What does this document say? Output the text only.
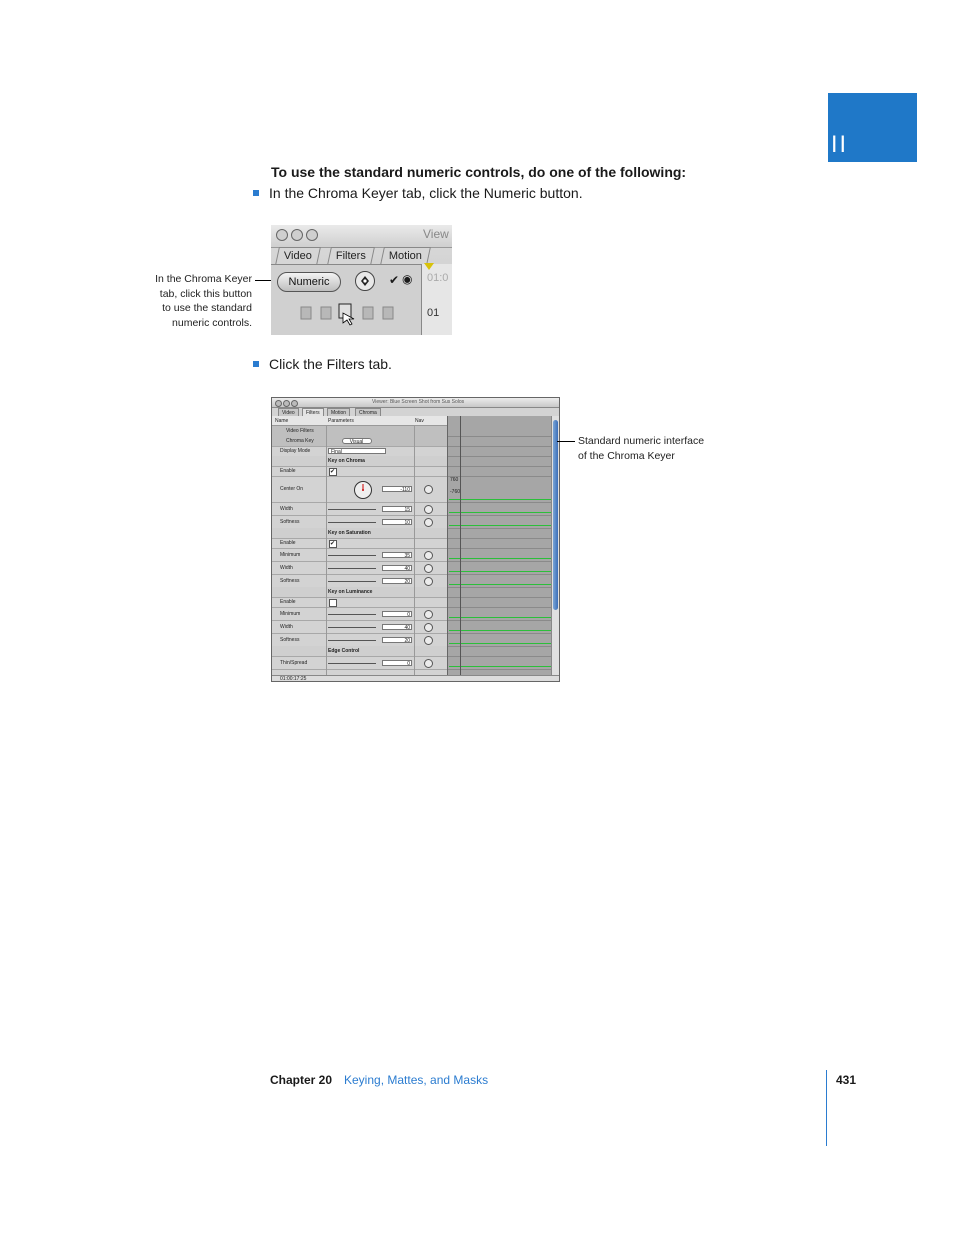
II
To use the standard numeric controls, do one of the following:
In the Chroma Keyer tab, click the Numeric button.
In the Chroma Keyer
tab, click this button
to use the standard
numeric controls.
View
Video	Filters	Motion
Numeric	✔ ◉ 01:0
01
Click the Filters tab.
Viewer: Blue Screen Shot from Sus Solos
Video	Filters	Motion	Chroma
Name	Parameters	Nav
Video Filters
Chroma Key	Visual
Display Mode	Final
Key on Chroma
Enable	✔
Center On	-110
Width	15
Softness	10
Key on Saturation
Enable	✔
Minimum	35
Width	40
Softness	20
Key on Luminance
Enable
Minimum	0
Width	40
Softness	20
Edge Control
Thin/Spread	0
760
-760
01:00:17:25
Standard numeric interface
of the Chroma Keyer
Chapter 20 Keying, Mattes, and Masks	431
